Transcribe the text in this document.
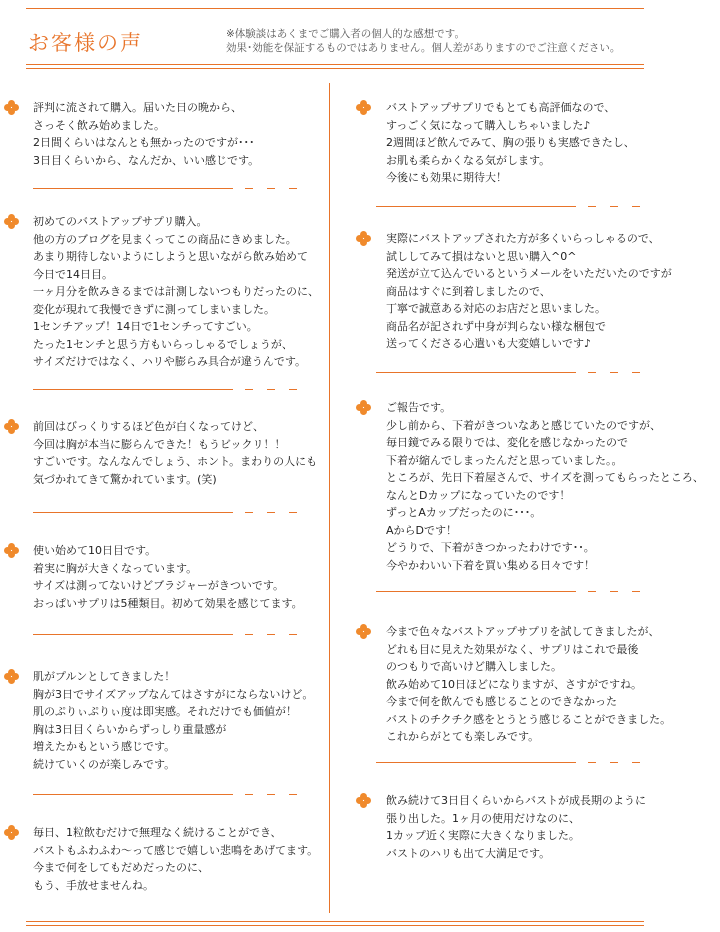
お客様の声	※体験談はあくまでご購入者の個人的な感想です。
効果･効能を保証するものではありません。個人差がありますのでご注意ください。
評判に流されて購入。届いた日の晩から、
さっそく飲み始めました。
2日間くらいはなんとも無かったのですが･･･
3日目くらいから、なんだか、いい感じです。
初めてのバストアップサプリ購入。
他の方のブログを見まくってこの商品にきめました。
あまり期待しないようにしようと思いながら飲み始めて
今日で14日目。
一ヶ月分を飲みきるまでは計測しないつもりだったのに、
変化が現れて我慢できずに測ってしまいました。
1センチアップ！14日で1センチってすごい。
たった1センチと思う方もいらっしゃるでしょうが、
サイズだけではなく、ハリや膨らみ具合が違うんです。
前回はびっくりするほど色が白くなってけど、
今回は胸が本当に膨らんできた！もうビックリ！！
すごいです。なんなんでしょう、ホント。まわりの人にも
気づかれてきて驚かれています。(笑)
使い始めて10日目です。
着実に胸が大きくなっています。
サイズは測ってないけどブラジャーがきついです。
おっぱいサプリは5種類目。初めて効果を感じてます。
肌がプルンとしてきました！
胸が3日でサイズアップなんてはさすがにならないけど。
肌のぷりぃぷりぃ度は即実感。それだけでも価値が！
胸は3日目くらいからずっしり重量感が
増えたかもという感じです。
続けていくのが楽しみです。
毎日、1粒飲むだけで無理なく続けることができ、
バストもふわふわ～って感じで嬉しい悲鳴をあげてます。
今まで何をしてもだめだったのに、
もう、手放せませんね。
バストアップサプリでもとても高評価なので、
すっごく気になって購入しちゃいました♪
2週間ほど飲んでみて、胸の張りも実感できたし、
お肌も柔らかくなる気がします。
今後にも効果に期待大！
実際にバストアップされた方が多くいらっしゃるので、
試ししてみて損はないと思い購入^0^
発送が立て込んでいるというメールをいただいたのですが
商品はすぐに到着しましたので、
丁寧で誠意ある対応のお店だと思いました。
商品名が記されず中身が判らない様な梱包で
送ってくださる心遣いも大変嬉しいです♪
ご報告です。
少し前から、下着がきついなあと感じていたのですが、
毎日鏡でみる限りでは、変化を感じなかったので
下着が縮んでしまったんだと思っていました。。
ところが、先日下着屋さんで、サイズを測ってもらったところ、
なんとDカップになっていたのです！
ずっとAカップだったのに･･･。
AからDです！
どうりで、下着がきつかったわけです･･。
今やかわいい下着を買い集める日々です！
今まで色々なバストアップサプリを試してきましたが、
どれも目に見えた効果がなく、サプリはこれで最後
のつもりで高いけど購入しました。
飲み始めて10日ほどになりますが、さすがですね。
今まで何を飲んでも感じることのできなかった
バストのチクチク感をとうとう感じることができました。
これからがとても楽しみです。
飲み続けて3日目くらいからバストが成長期のように
張り出した。1ヶ月の使用だけなのに、
1カップ近く実際に大きくなりました。
バストのハリも出て大満足です。
